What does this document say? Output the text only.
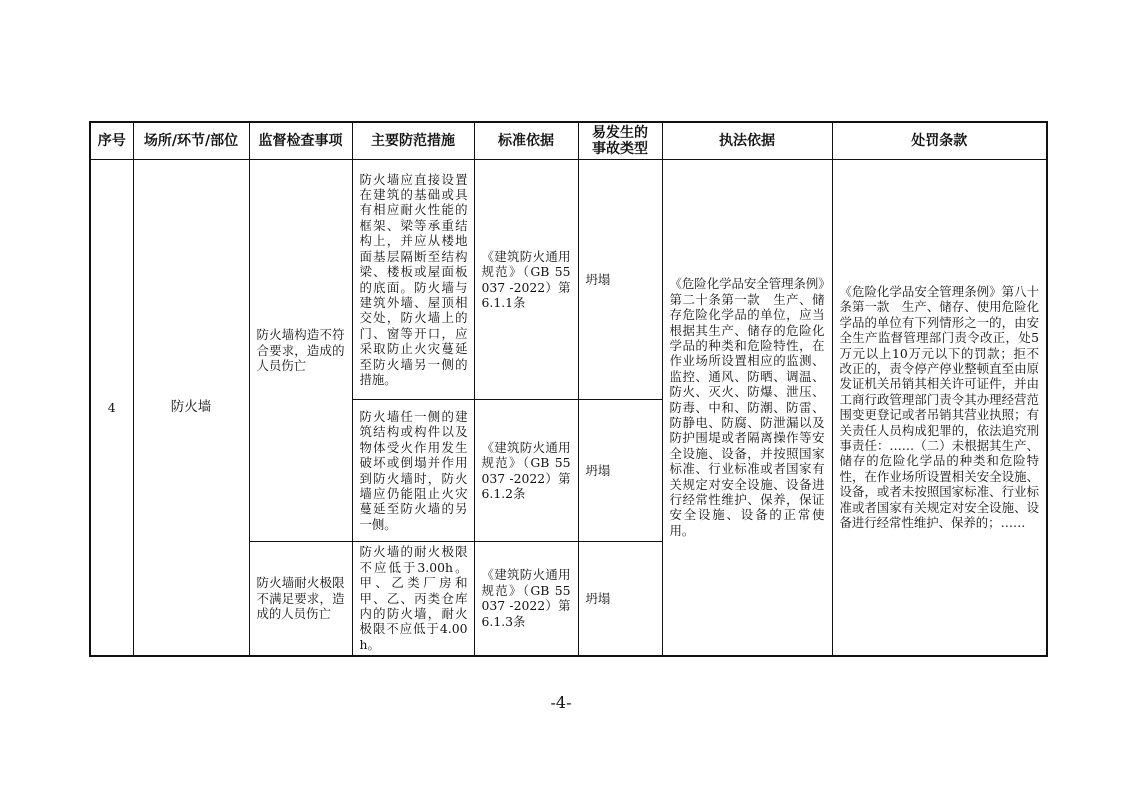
序号	场所/环节/部位	监督检查事项	主要防范措施	标准依据	易发生的事故类型	执法依据	处罚条款
4	防火墙	防火墙构造不符合要求，造成的人员伤亡	防火墙应直接设置在建筑的基础或具有相应耐火性能的框架、梁等承重结构上，并应从楼地面基层隔断至结构梁、楼板或屋面板的底面。防火墙与建筑外墙、屋顶相交处，防火墙上的门、窗等开口，应采取防止火灾蔓延至防火墙另一侧的措施。	《建筑防火通用规范》（GB 55037 -2022）第6.1.1条	坍塌	《危险化学品安全管理条例》第二十条第一款　生产、储存危险化学品的单位，应当根据其生产、储存的危险化学品的种类和危险特性，在作业场所设置相应的监测、监控、通风、防晒、调温、防火、灭火、防爆、泄压、防毒、中和、防潮、防雷、防静电、防腐、防泄漏以及防护围堤或者隔离操作等安全设施、设备，并按照国家标准、行业标准或者国家有关规定对安全设施、设备进行经常性维护、保养，保证安全设施、设备的正常使用。	《危险化学品安全管理条例》第八十条第一款　生产、储存、使用危险化学品的单位有下列情形之一的，由安全生产监督管理部门责令改正，处5万元以上10万元以下的罚款；拒不改正的，责令停产停业整顿直至由原发证机关吊销其相关许可证件，并由工商行政管理部门责令其办理经营范围变更登记或者吊销其营业执照；有关责任人员构成犯罪的，依法追究刑事责任：……（二）未根据其生产、储存的危险化学品的种类和危险特性，在作业场所设置相关安全设施、设备，或者未按照国家标准、行业标准或者国家有关规定对安全设施、设备进行经常性维护、保养的；……
			防火墙任一侧的建筑结构或构件以及物体受火作用发生破坏或倒塌并作用到防火墙时，防火墙应仍能阻止火灾蔓延至防火墙的另一侧。	《建筑防火通用规范》（GB 55037 -2022）第6.1.2条	坍塌		
		防火墙耐火极限不满足要求，造成的人员伤亡	防火墙的耐火极限不应低于3.00h。甲、乙类厂房和甲、乙、丙类仓库内的防火墙，耐火极限不应低于4.00h。	《建筑防火通用规范》（GB 55037 -2022）第6.1.3条	坍塌		
-4-
